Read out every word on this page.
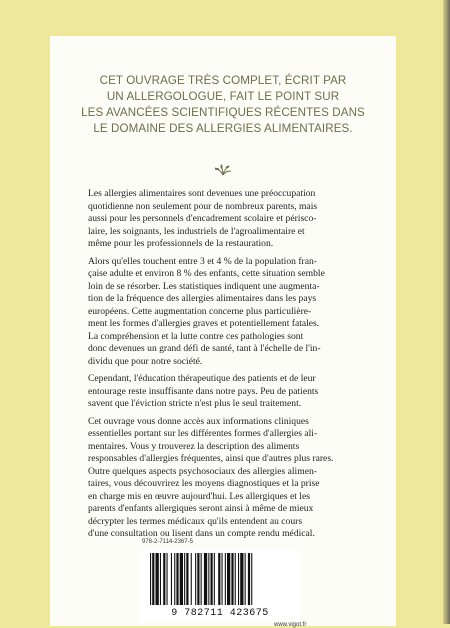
CET OUVRAGE TRÈS COMPLET, ÉCRIT PAR
UN ALLERGOLOGUE, FAIT LE POINT SUR
LES AVANCÉES SCIENTIFIQUES RÉCENTES DANS
LE DOMAINE DES ALLERGIES ALIMENTAIRES.

Les allergies alimentaires sont devenues une préoccupation
quotidienne non seulement pour de nombreux parents, mais
aussi pour les personnels d'encadrement scolaire et périsco-
laire, les soignants, les industriels de l'agroalimentaire et
même pour les professionnels de la restauration.

Alors qu'elles touchent entre 3 et 4 % de la population fran-
çaise adulte et environ 8 % des enfants, cette situation semble
loin de se résorber. Les statistiques indiquent une augmenta-
tion de la fréquence des allergies alimentaires dans les pays
européens. Cette augmentation concerne plus particulière-
ment les formes d'allergies graves et potentiellement fatales.
La compréhension et la lutte contre ces pathologies sont
donc devenues un grand défi de santé, tant à l'échelle de l'in-
dividu que pour notre société.

Cependant, l'éducation thérapeutique des patients et de leur
entourage reste insuffisante dans notre pays. Peu de patients
savent que l'éviction stricte n'est plus le seul traitement.

Cet ouvrage vous donne accès aux informations cliniques
essentielles portant sur les différentes formes d'allergies ali-
mentaires. Vous y trouverez la description des aliments
responsables d'allergies fréquentes, ainsi que d'autres plus rares.
Outre quelques aspects psychosociaux des allergies alimen-
taires, vous découvrirez les moyens diagnostiques et la prise
en charge mis en œuvre aujourd'hui. Les allergiques et les
parents d'enfants allergiques seront ainsi à même de mieux
décrypter les termes médicaux qu'ils entendent au cours
d'une consultation ou lisent dans un compte rendu médical.

978-2-7114-2367-5
9 782711 423675
www.vigot.fr
